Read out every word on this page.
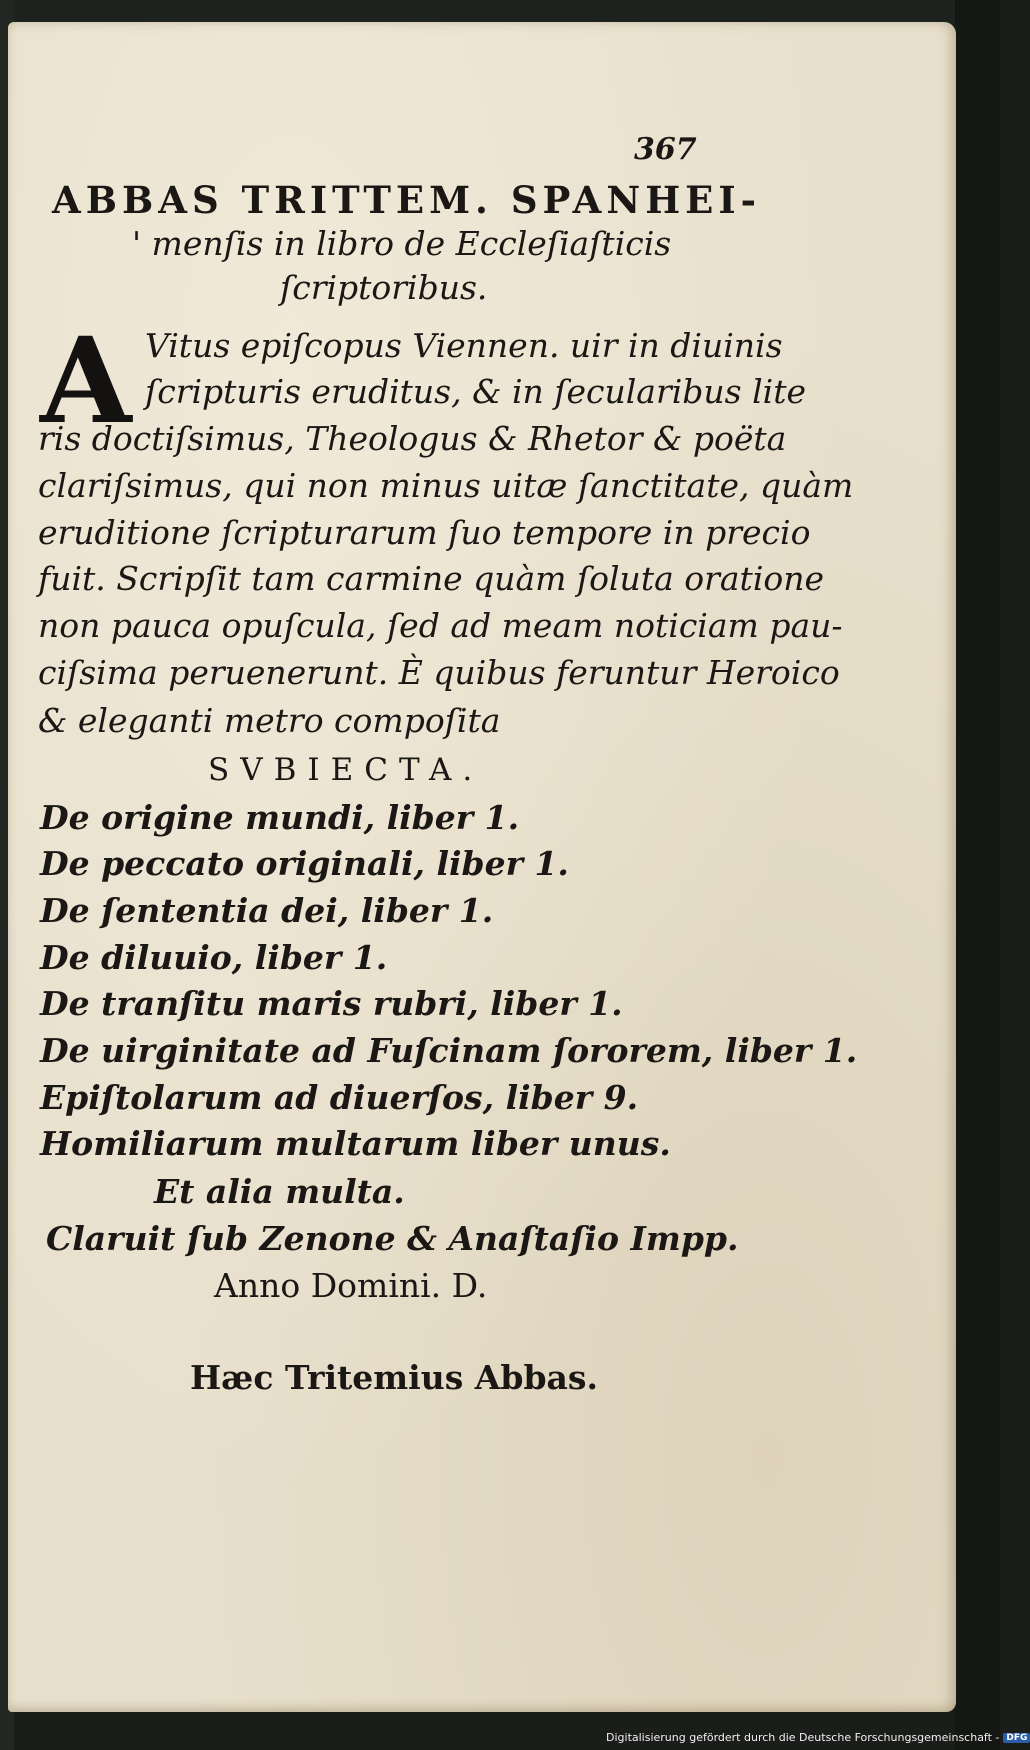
367
ABBAS TRITTEM. SPANHEI-
' menſis in libro de Eccleſiaſticis
ſcriptoribus.
A Vitus epiſcopus Viennen. uir in diuinis
ſcripturis eruditus, & in ſecularibus lite
ris doctiſsimus, Theologus & Rhetor & poëta
clariſsimus, qui non minus uitæ ſanctitate, quàm
eruditione ſcripturarum ſuo tempore in precio
fuit. Scripſit tam carmine quàm ſoluta oratione
non pauca opuſcula, ſed ad meam noticiam pau-
ciſsima peruenerunt. È quibus feruntur Heroico
& eleganti metro compoſita
SVBIECTA.
De origine mundi, liber 1.
De peccato originali, liber 1.
De ſententia dei, liber 1.
De diluuio, liber 1.
De tranſitu maris rubri, liber 1.
De uirginitate ad Fuſcinam ſororem, liber 1.
Epiſtolarum ad diuerſos, liber 9.
Homiliarum multarum liber unus.
Et alia multa.
Claruit ſub Zenone & Anaſtaſio Impp.
Anno Domini. D.
Hæc Tritemius Abbas.
Digitalisierung gefördert durch die Deutsche Forschungsgemeinschaft - DFG
